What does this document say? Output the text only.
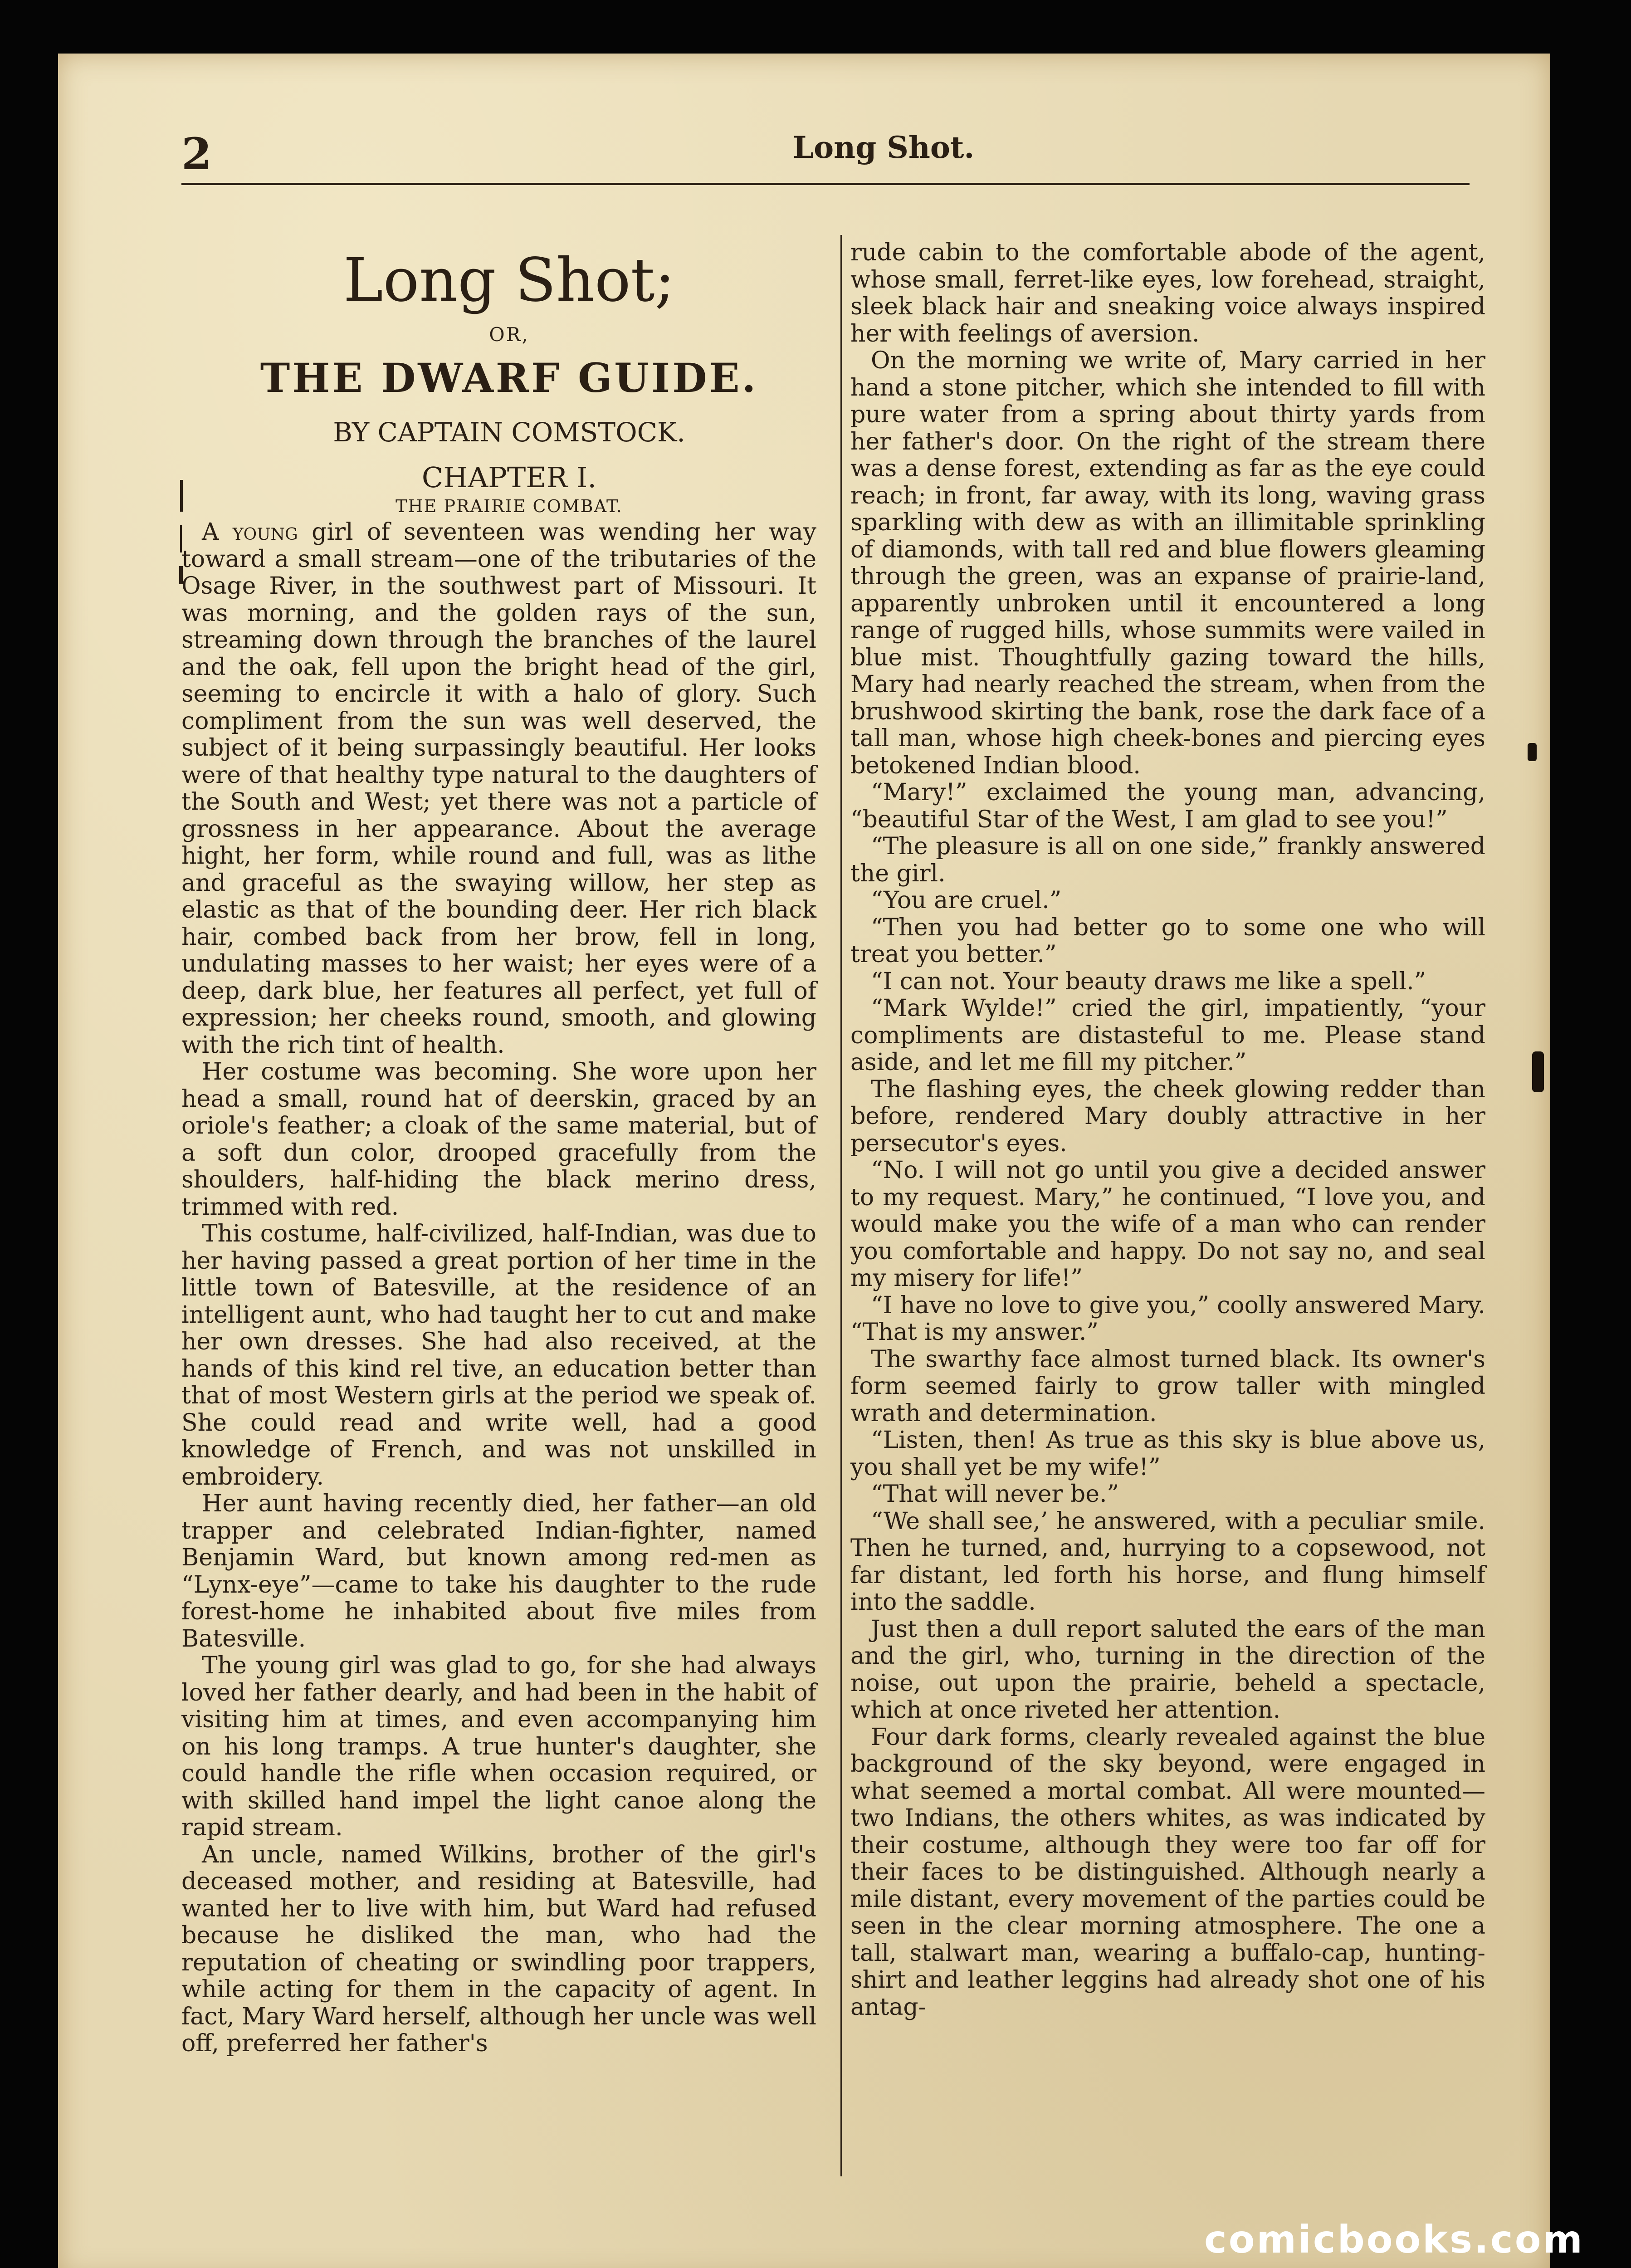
2	Long Shot.

Long Shot;

OR,

THE DWARF GUIDE.

BY CAPTAIN COMSTOCK.

CHAPTER I.

THE PRAIRIE COMBAT.

A young girl of seventeen was wending her way toward a small stream—one of the tributaries of the Osage River, in the southwest part of Missouri. It was morning, and the golden rays of the sun, streaming down through the branches of the laurel and the oak, fell upon the bright head of the girl, seeming to encircle it with a halo of glory. Such compliment from the sun was well deserved, the subject of it being surpassingly beautiful. Her looks were of that healthy type natural to the daughters of the South and West; yet there was not a particle of grossness in her appearance. About the average hight, her form, while round and full, was as lithe and graceful as the swaying willow, her step as elastic as that of the bounding deer. Her rich black hair, combed back from her brow, fell in long, undulating masses to her waist; her eyes were of a deep, dark blue, her features all perfect, yet full of expression; her cheeks round, smooth, and glowing with the rich tint of health.

Her costume was becoming. She wore upon her head a small, round hat of deerskin, graced by an oriole's feather; a cloak of the same material, but of a soft dun color, drooped gracefully from the shoulders, half-hiding the black merino dress, trimmed with red.

This costume, half-civilized, half-Indian, was due to her having passed a great portion of her time in the little town of Batesville, at the residence of an intelligent aunt, who had taught her to cut and make her own dresses. She had also received, at the hands of this kind rel tive, an education better than that of most Western girls at the period we speak of. She could read and write well, had a good knowledge of French, and was not unskilled in embroidery.

Her aunt having recently died, her father—an old trapper and celebrated Indian-fighter, named Benjamin Ward, but known among red-men as “Lynx-eye”—came to take his daughter to the rude forest-home he inhabited about five miles from Batesville.

The young girl was glad to go, for she had always loved her father dearly, and had been in the habit of visiting him at times, and even accompanying him on his long tramps. A true hunter's daughter, she could handle the rifle when occasion required, or with skilled hand impel the light canoe along the rapid stream.

An uncle, named Wilkins, brother of the girl's deceased mother, and residing at Batesville, had wanted her to live with him, but Ward had refused because he disliked the man, who had the reputation of cheating or swindling poor trappers, while acting for them in the capacity of agent. In fact, Mary Ward herself, although her uncle was well off, preferred her father's

rude cabin to the comfortable abode of the agent, whose small, ferret-like eyes, low forehead, straight, sleek black hair and sneaking voice always inspired her with feelings of aversion.

On the morning we write of, Mary carried in her hand a stone pitcher, which she intended to fill with pure water from a spring about thirty yards from her father's door. On the right of the stream there was a dense forest, extending as far as the eye could reach; in front, far away, with its long, waving grass sparkling with dew as with an illimitable sprinkling of diamonds, with tall red and blue flowers gleaming through the green, was an expanse of prairie-land, apparently unbroken until it encountered a long range of rugged hills, whose summits were vailed in blue mist. Thoughtfully gazing toward the hills, Mary had nearly reached the stream, when from the brushwood skirting the bank, rose the dark face of a tall man, whose high cheek-bones and piercing eyes betokened Indian blood.

“Mary!” exclaimed the young man, advancing, “beautiful Star of the West, I am glad to see you!”

“The pleasure is all on one side,” frankly answered the girl.

“You are cruel.”

“Then you had better go to some one who will treat you better.”

“I can not. Your beauty draws me like a spell.”

“Mark Wylde!” cried the girl, impatiently, “your compliments are distasteful to me. Please stand aside, and let me fill my pitcher.”

The flashing eyes, the cheek glowing redder than before, rendered Mary doubly attractive in her persecutor's eyes.

“No. I will not go until you give a decided answer to my request. Mary,” he continued, “I love you, and would make you the wife of a man who can render you comfortable and happy. Do not say no, and seal my misery for life!”

“I have no love to give you,” coolly answered Mary. “That is my answer.”

The swarthy face almost turned black. Its owner's form seemed fairly to grow taller with mingled wrath and determination.

“Listen, then! As true as this sky is blue above us, you shall yet be my wife!”

“That will never be.”

“We shall see,’ he answered, with a peculiar smile. Then he turned, and, hurrying to a copsewood, not far distant, led forth his horse, and flung himself into the saddle.

Just then a dull report saluted the ears of the man and the girl, who, turning in the direction of the noise, out upon the prairie, beheld a spectacle, which at once riveted her attention.

Four dark forms, clearly revealed against the blue background of the sky beyond, were engaged in what seemed a mortal combat. All were mounted—two Indians, the others whites, as was indicated by their costume, although they were too far off for their faces to be distinguished. Although nearly a mile distant, every movement of the parties could be seen in the clear morning atmosphere. The one a tall, stalwart man, wearing a buffalo-cap, hunting-shirt and leather leggins had already shot one of his antag-

comicbooks.com
